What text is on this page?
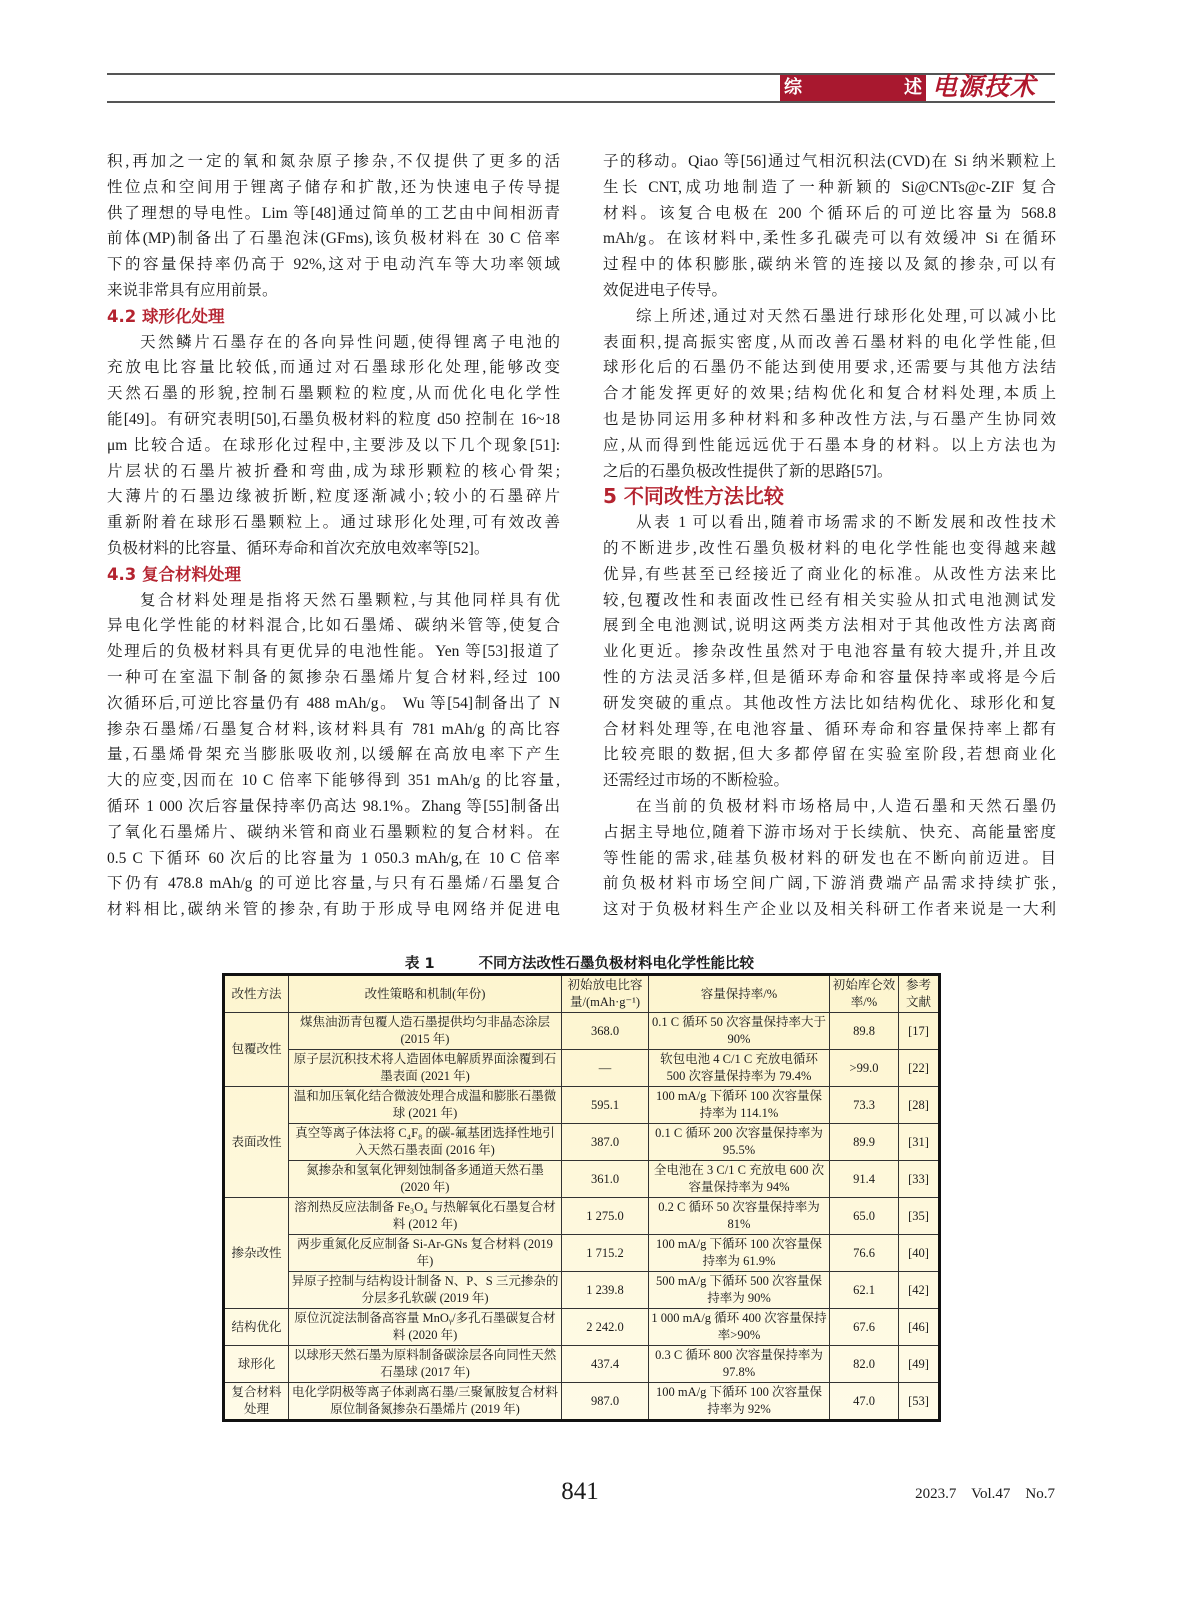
综	述 电源技术
积,再加之一定的氧和氮杂原子掺杂,不仅提供了更多的活
性位点和空间用于锂离子储存和扩散,还为快速电子传导提
供了理想的导电性。Lim 等[48]通过简单的工艺由中间相沥青
前体(MP)制备出了石墨泡沫(GFms),该负极材料在 30 C 倍率
下的容量保持率仍高于 92%,这对于电动汽车等大功率领域
来说非常具有应用前景。
4.2 球形化处理
天然鳞片石墨存在的各向异性问题,使得锂离子电池的
充放电比容量比较低,而通过对石墨球形化处理,能够改变
天然石墨的形貌,控制石墨颗粒的粒度,从而优化电化学性
能[49]。有研究表明[50],石墨负极材料的粒度 d50 控制在 16~18
μm 比较合适。在球形化过程中,主要涉及以下几个现象[51]:
片层状的石墨片被折叠和弯曲,成为球形颗粒的核心骨架;
大薄片的石墨边缘被折断,粒度逐渐减小;较小的石墨碎片
重新附着在球形石墨颗粒上。通过球形化处理,可有效改善
负极材料的比容量、循环寿命和首次充放电效率等[52]。
4.3 复合材料处理
复合材料处理是指将天然石墨颗粒,与其他同样具有优
异电化学性能的材料混合,比如石墨烯、碳纳米管等,使复合
处理后的负极材料具有更优异的电池性能。Yen 等[53]报道了
一种可在室温下制备的氮掺杂石墨烯片复合材料,经过 100
次循环后,可逆比容量仍有 488 mAh/g。 Wu 等[54]制备出了 N
掺杂石墨烯/石墨复合材料,该材料具有 781 mAh/g 的高比容
量,石墨烯骨架充当膨胀吸收剂,以缓解在高放电率下产生
大的应变,因而在 10 C 倍率下能够得到 351 mAh/g 的比容量,
循环 1 000 次后容量保持率仍高达 98.1%。Zhang 等[55]制备出
了氧化石墨烯片、碳纳米管和商业石墨颗粒的复合材料。在
0.5 C 下循环 60 次后的比容量为 1 050.3 mAh/g,在 10 C 倍率
下仍有 478.8 mAh/g 的可逆比容量,与只有石墨烯/石墨复合
材料相比,碳纳米管的掺杂,有助于形成导电网络并促进电
子的移动。Qiao 等[56]通过气相沉积法(CVD)在 Si 纳米颗粒上
生长 CNT,成功地制造了一种新颖的 Si@CNTs@c-ZIF 复合
材料。该复合电极在 200 个循环后的可逆比容量为 568.8
mAh/g。在该材料中,柔性多孔碳壳可以有效缓冲 Si 在循环
过程中的体积膨胀,碳纳米管的连接以及氮的掺杂,可以有
效促进电子传导。
综上所述,通过对天然石墨进行球形化处理,可以减小比
表面积,提高振实密度,从而改善石墨材料的电化学性能,但
球形化后的石墨仍不能达到使用要求,还需要与其他方法结
合才能发挥更好的效果;结构优化和复合材料处理,本质上
也是协同运用多种材料和多种改性方法,与石墨产生协同效
应,从而得到性能远远优于石墨本身的材料。以上方法也为
之后的石墨负极改性提供了新的思路[57]。
5 不同改性方法比较
从表 1 可以看出,随着市场需求的不断发展和改性技术
的不断进步,改性石墨负极材料的电化学性能也变得越来越
优异,有些甚至已经接近了商业化的标准。从改性方法来比
较,包覆改性和表面改性已经有相关实验从扣式电池测试发
展到全电池测试,说明这两类方法相对于其他改性方法离商
业化更近。掺杂改性虽然对于电池容量有较大提升,并且改
性的方法灵活多样,但是循环寿命和容量保持率或将是今后
研发突破的重点。其他改性方法比如结构优化、球形化和复
合材料处理等,在电池容量、循环寿命和容量保持率上都有
比较亮眼的数据,但大多都停留在实验室阶段,若想商业化
还需经过市场的不断检验。
在当前的负极材料市场格局中,人造石墨和天然石墨仍
占据主导地位,随着下游市场对于长续航、快充、高能量密度
等性能的需求,硅基负极材料的研发也在不断向前迈进。目
前负极材料市场空间广阔,下游消费端产品需求持续扩张,
这对于负极材料生产企业以及相关科研工作者来说是一大利
表 1	不同方法改性石墨负极材料电化学性能比较
改性方法	改性策略和机制(年份)	初始放电比容量/(mAh·g⁻¹)	容量保持率/%	初始库仑效率/%	参考文献
包覆改性	煤焦油沥青包覆人造石墨提供均匀非晶态涂层 (2015 年)	368.0	0.1 C 循环 50 次容量保持率大于 90%	89.8	[17]
	原子层沉积技术将人造固体电解质界面涂覆到石墨表面 (2021 年)	—	软包电池 4 C/1 C 充放电循环 500 次容量保持率为 79.4%	>99.0	[22]
表面改性	温和加压氧化结合微波处理合成温和膨胀石墨微球 (2021 年)	595.1	100 mA/g 下循环 100 次容量保持率为 114.1%	73.3	[28]
	真空等离子体法将 C₄F₈ 的碳-氟基团选择性地引入天然石墨表面 (2016 年)	387.0	0.1 C 循环 200 次容量保持率为 95.5%	89.9	[31]
	氮掺杂和氢氧化钾刻蚀制备多通道天然石墨 (2020 年)	361.0	全电池在 3 C/1 C 充放电 600 次容量保持率为 94%	91.4	[33]
掺杂改性	溶剂热反应法制备 Fe₃O₄ 与热解氧化石墨复合材料 (2012 年)	1 275.0	0.2 C 循环 50 次容量保持率为 81%	65.0	[35]
	两步重氮化反应制备 Si-Ar-GNs 复合材料 (2019 年)	1 715.2	100 mA/g 下循环 100 次容量保持率为 61.9%	76.6	[40]
	异原子控制与结构设计制备 N、P、S 三元掺杂的分层多孔软碳 (2019 年)	1 239.8	500 mA/g 下循环 500 次容量保持率为 90%	62.1	[42]
结构优化	原位沉淀法制备高容量 MnOᵧ/多孔石墨碳复合材料 (2020 年)	2 242.0	1 000 mA/g 循环 400 次容量保持率>90%	67.6	[46]
球形化	以球形天然石墨为原料制备碳涂层各向同性天然石墨球 (2017 年)	437.4	0.3 C 循环 800 次容量保持率为 97.8%	82.0	[49]
复合材料处理	电化学阴极等离子体剥离石墨/三聚氰胺复合材料原位制备氮掺杂石墨烯片 (2019 年)	987.0	100 mA/g 下循环 100 次容量保持率为 92%	47.0	[53]
841	2023.7    Vol.47    No.7
